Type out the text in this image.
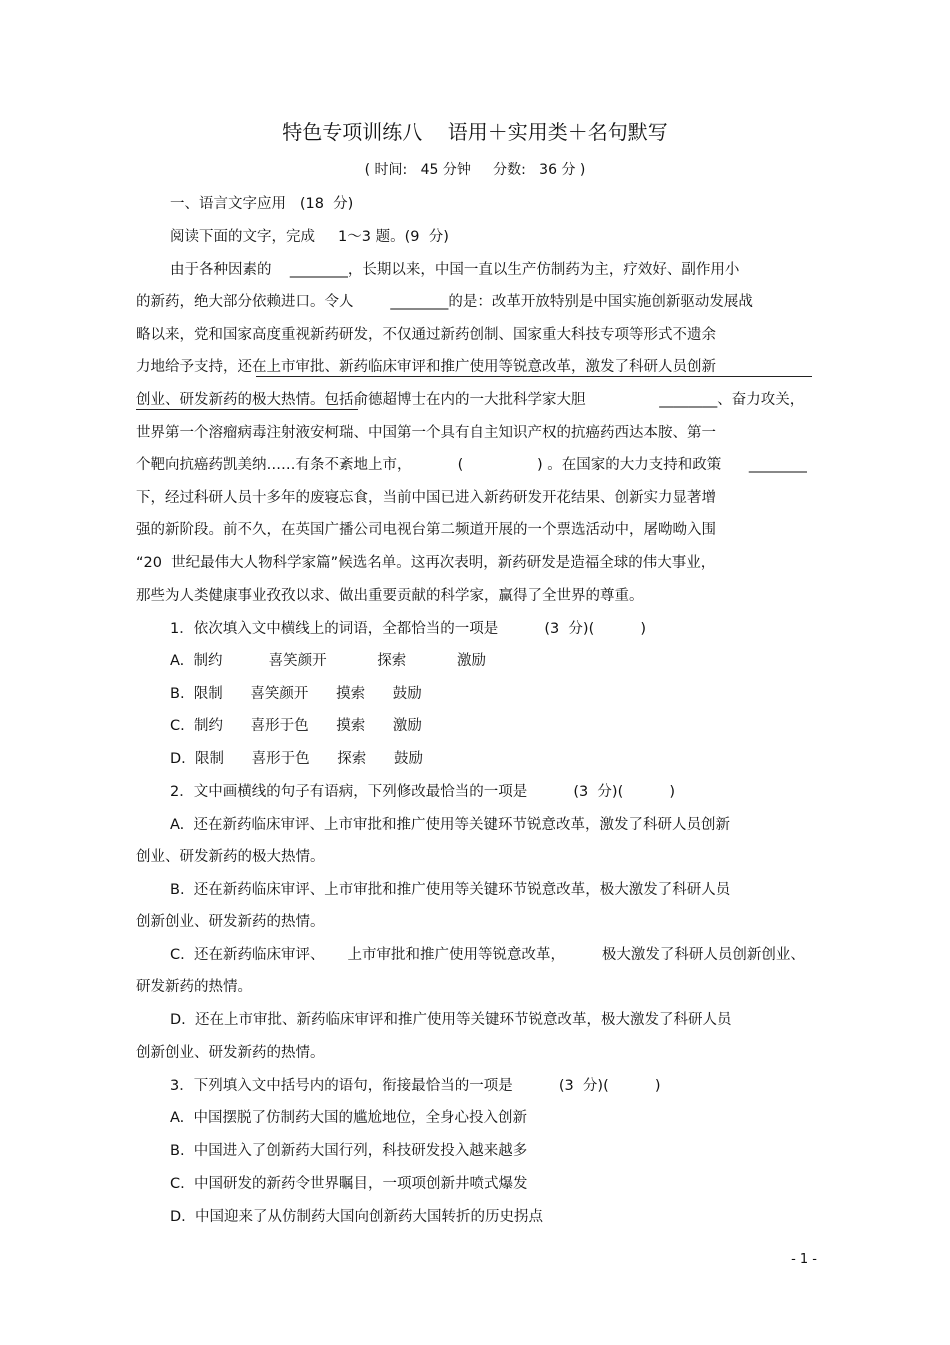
特色专项训练八    语用＋实用类＋名句默写
( 时间:   45 分钟     分数:   36 分 )
一、语言文字应用   (18  分)
阅读下面的文字，完成     1～3 题。(9  分)
由于各种因素的    ________，长期以来，中国一直以生产仿制药为主，疗效好、副作用小
的新药，绝大部分依赖进口。令人        ________的是：改革开放特别是中国实施创新驱动发展战
略以来，党和国家高度重视新药研发，不仅通过新药创制、国家重大科技专项等形式不遗余
力地给予支持，还在上市审批、新药临床审评和推广使用等锐意改革，激发了科研人员创新
创业、研发新药的极大热情。包括俞德超博士在内的一大批科学家大胆                ________、奋力攻关，
世界第一个溶瘤病毒注射液安柯瑞、中国第一个具有自主知识产权的抗癌药西达本胺、第一
个靶向抗癌药凯美纳……有条不紊地上市，          (                ) 。在国家的大力支持和政策      ________
下，经过科研人员十多年的废寝忘食，当前中国已进入新药研发开花结果、创新实力显著增
强的新阶段。前不久，在英国广播公司电视台第二频道开展的一个票选活动中，屠呦呦入围
“20  世纪最伟大人物科学家篇”候选名单。这再次表明，新药研发是造福全球的伟大事业，
那些为人类健康事业孜孜以求、做出重要贡献的科学家，赢得了全世界的尊重。
1．依次填入文中横线上的词语，全都恰当的一项是          (3  分)(          )
A.  制约          喜笑颜开           探索           激励
B.  限制      喜笑颜开      摸索      鼓励
C.  制约      喜形于色      摸索      激励
D.  限制      喜形于色      探索      鼓励
2．文中画横线的句子有语病，下列修改最恰当的一项是          (3  分)(          )
A.  还在新药临床审评、上市审批和推广使用等关键环节锐意改革，激发了科研人员创新
创业、研发新药的极大热情。
B.  还在新药临床审评、上市审批和推广使用等关键环节锐意改革，极大激发了科研人员
创新创业、研发新药的热情。
C.  还在新药临床审评、     上市审批和推广使用等锐意改革，        极大激发了科研人员创新创业、
研发新药的热情。
D.  还在上市审批、新药临床审评和推广使用等关键环节锐意改革，极大激发了科研人员
创新创业、研发新药的热情。
3．下列填入文中括号内的语句，衔接最恰当的一项是          (3  分)(          )
A.  中国摆脱了仿制药大国的尴尬地位，全身心投入创新
B.  中国进入了创新药大国行列，科技研发投入越来越多
C.  中国研发的新药令世界瞩目，一项项创新井喷式爆发
D.  中国迎来了从仿制药大国向创新药大国转折的历史拐点
- 1 -
